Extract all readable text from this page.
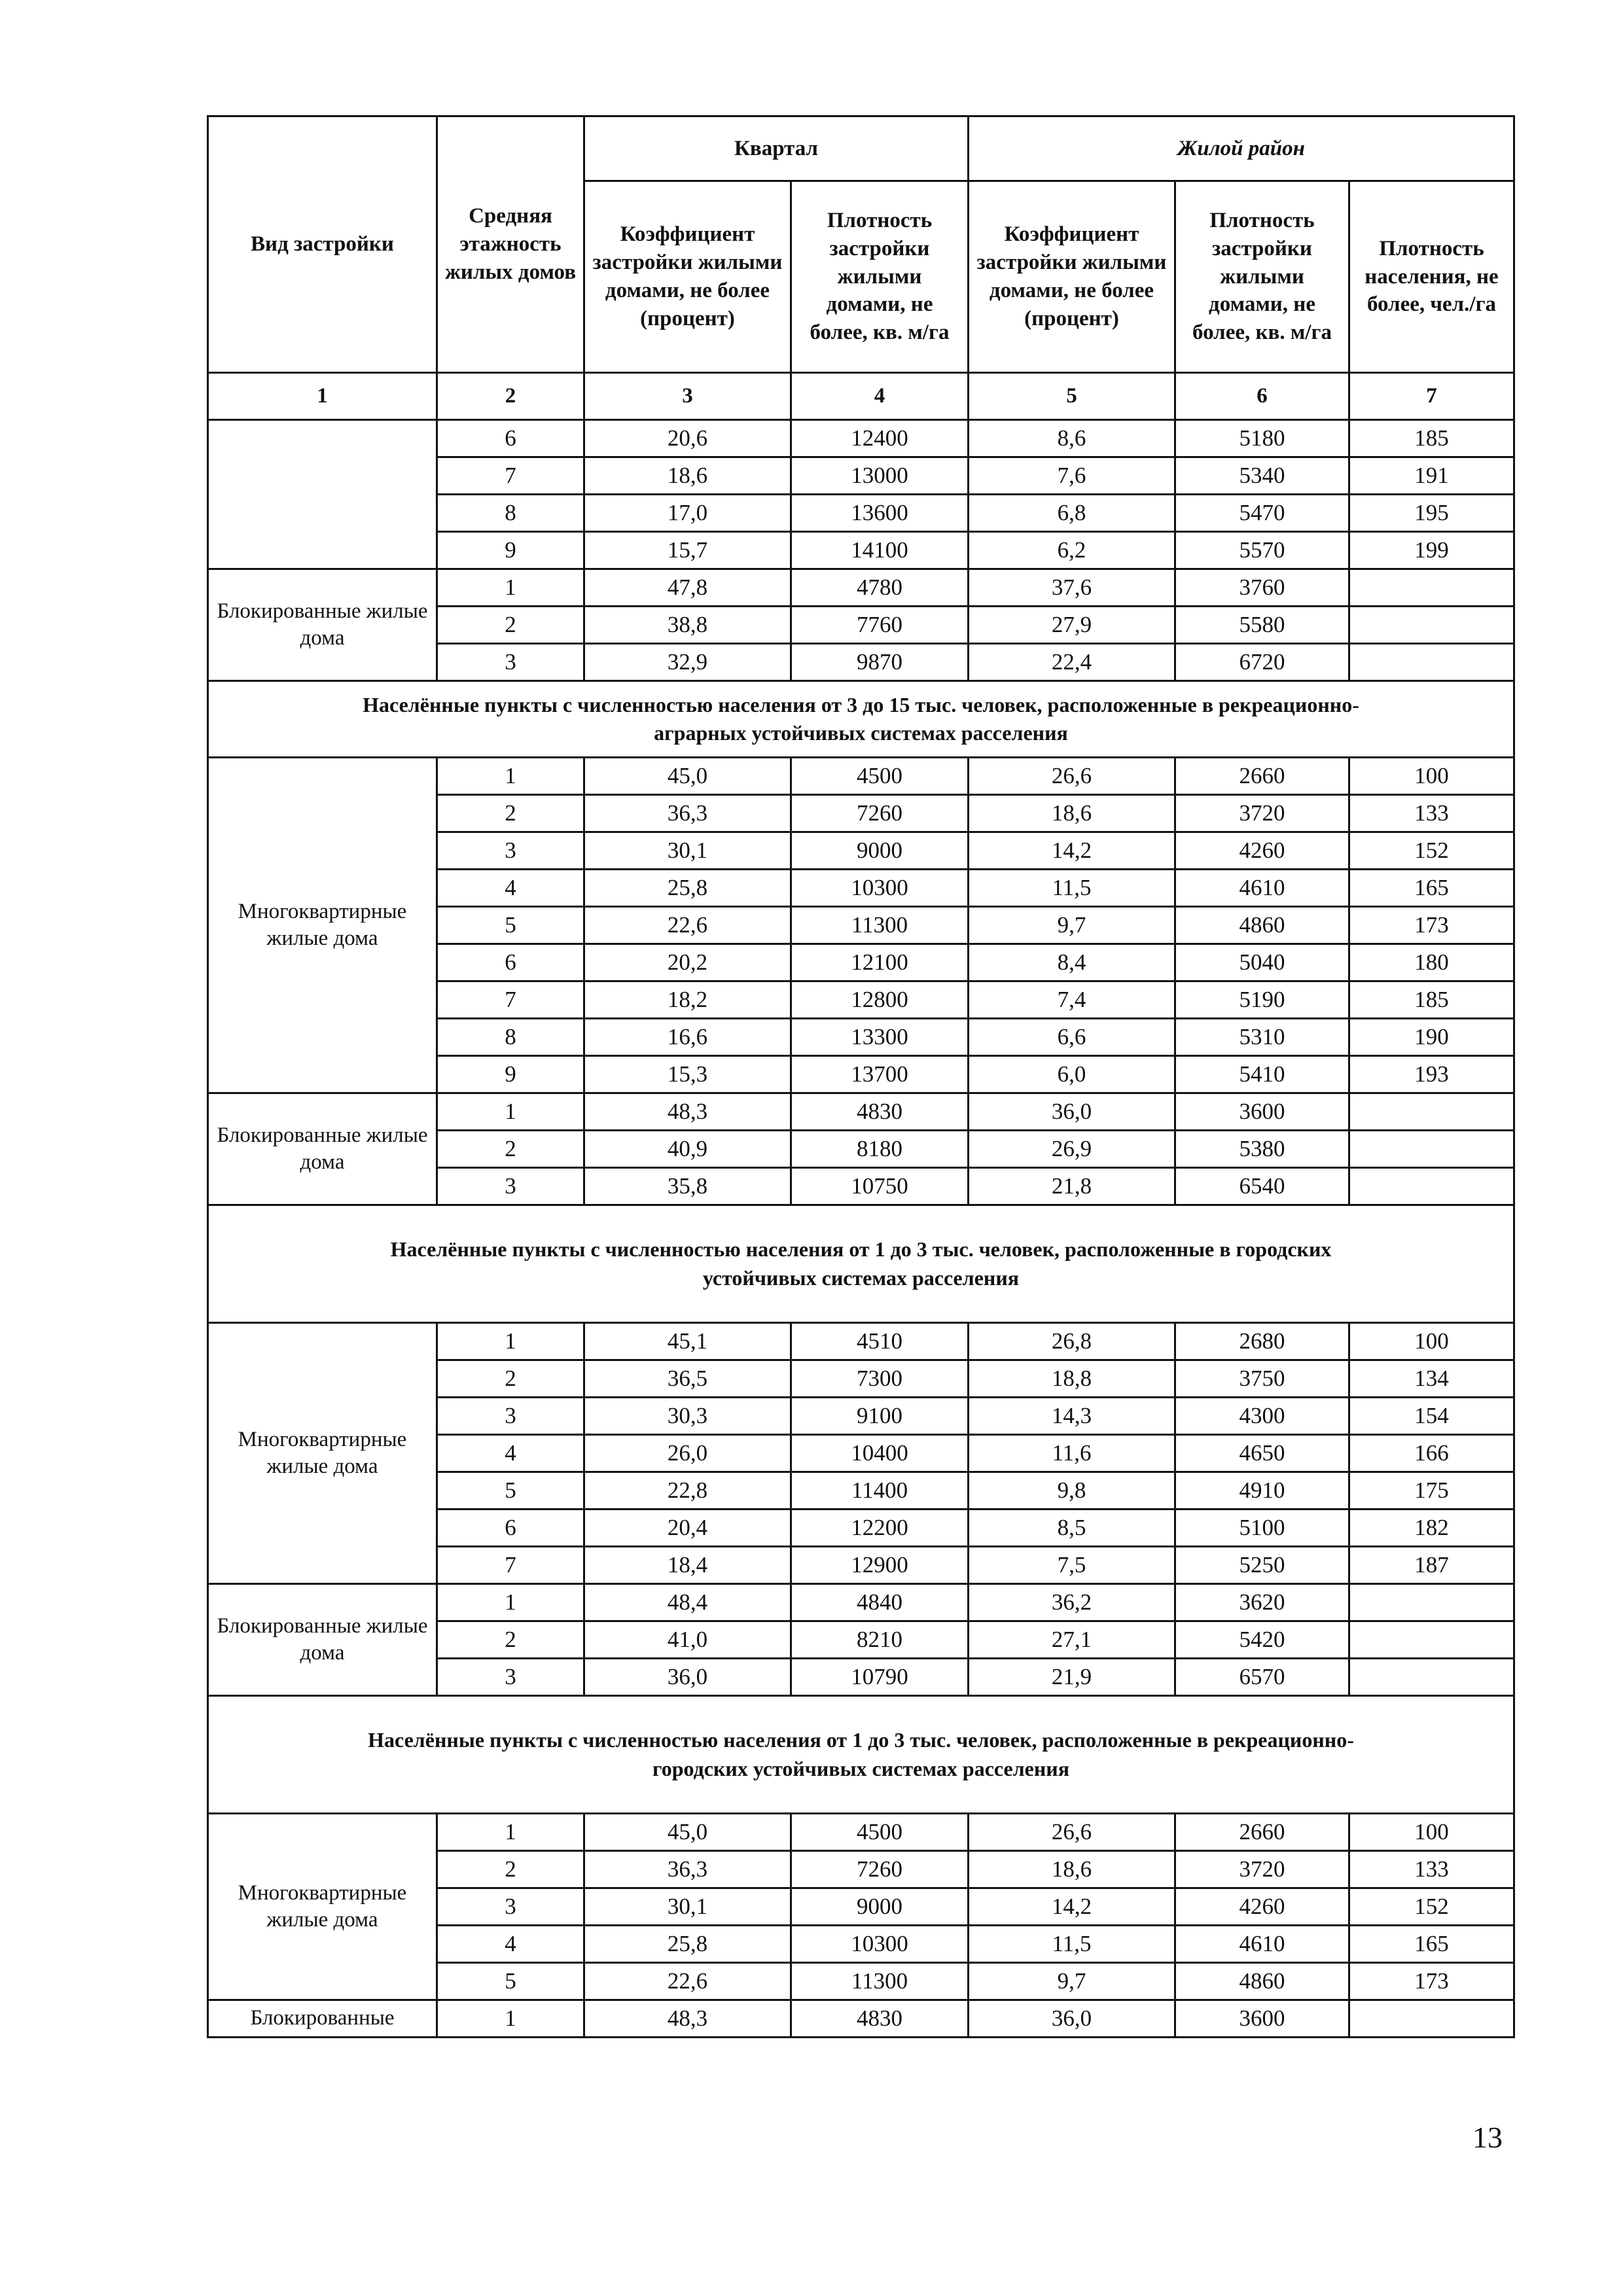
Вид застройки	Средняя этажность жилых домов	Квартал		Жилой район		
		Коэффициент застройки жилыми домами, не более (процент)	Плотность застройки жилыми домами, не более, кв. м/га	Коэффициент застройки жилыми домами, не более (процент)	Плотность застройки жилыми домами, не более, кв. м/га	Плотность населения, не более, чел./га
1	2	3	4	5	6	7
	6	20,6	12400	8,6	5180	185
	7	18,6	13000	7,6	5340	191
	8	17,0	13600	6,8	5470	195
	9	15,7	14100	6,2	5570	199
Блокированные жилые дома	1	47,8	4780	37,6	3760	
	2	38,8	7760	27,9	5580	
	3	32,9	9870	22,4	6720	
Населённые пункты с численностью населения от 3 до 15 тыс. человек, расположенные в рекреационно-аграрных устойчивых системах расселения						
Многоквартирные жилые дома	1	45,0	4500	26,6	2660	100
	2	36,3	7260	18,6	3720	133
	3	30,1	9000	14,2	4260	152
	4	25,8	10300	11,5	4610	165
	5	22,6	11300	9,7	4860	173
	6	20,2	12100	8,4	5040	180
	7	18,2	12800	7,4	5190	185
	8	16,6	13300	6,6	5310	190
	9	15,3	13700	6,0	5410	193
Блокированные жилые дома	1	48,3	4830	36,0	3600	
	2	40,9	8180	26,9	5380	
	3	35,8	10750	21,8	6540	
Населённые пункты с численностью населения от 1 до 3 тыс. человек, расположенные в городских устойчивых системах расселения						
Многоквартирные жилые дома	1	45,1	4510	26,8	2680	100
	2	36,5	7300	18,8	3750	134
	3	30,3	9100	14,3	4300	154
	4	26,0	10400	11,6	4650	166
	5	22,8	11400	9,8	4910	175
	6	20,4	12200	8,5	5100	182
	7	18,4	12900	7,5	5250	187
Блокированные жилые дома	1	48,4	4840	36,2	3620	
	2	41,0	8210	27,1	5420	
	3	36,0	10790	21,9	6570	
Населённые пункты с численностью населения от 1 до 3 тыс. человек, расположенные в рекреационно-городских устойчивых системах расселения						
Многоквартирные жилые дома	1	45,0	4500	26,6	2660	100
	2	36,3	7260	18,6	3720	133
	3	30,1	9000	14,2	4260	152
	4	25,8	10300	11,5	4610	165
	5	22,6	11300	9,7	4860	173
Блокированные	1	48,3	4830	36,0	3600	
13
